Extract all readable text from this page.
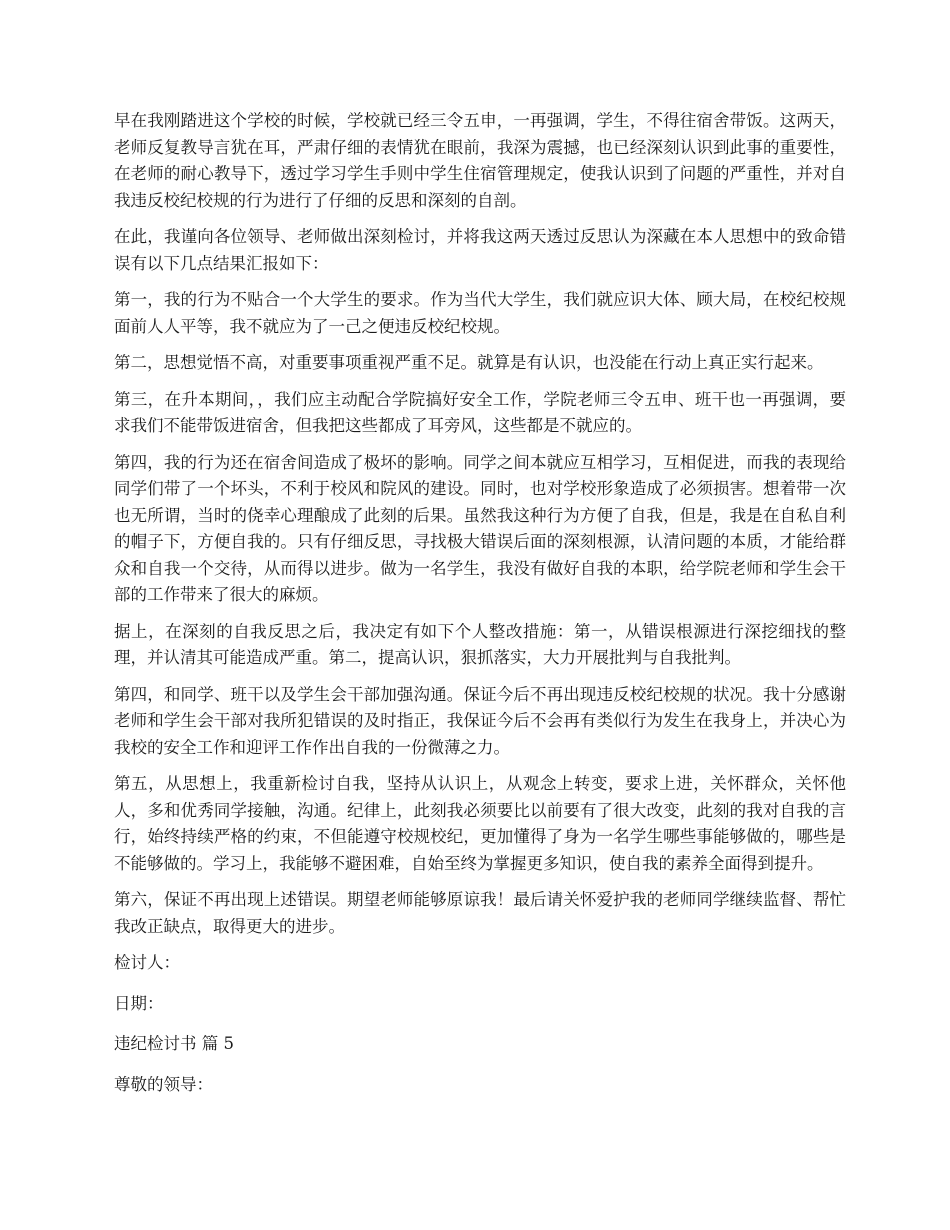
早在我刚踏进这个学校的时候，学校就已经三令五申，一再强调，学生，不得往宿舍带饭。这两天，老师反复教导言犹在耳，严肃仔细的表情犹在眼前，我深为震撼，也已经深刻认识到此事的重要性，在老师的耐心教导下，透过学习学生手则中学生住宿管理规定，使我认识到了问题的严重性，并对自我违反校纪校规的行为进行了仔细的反思和深刻的自剖。

在此，我谨向各位领导、老师做出深刻检讨，并将我这两天透过反思认为深藏在本人思想中的致命错误有以下几点结果汇报如下：

第一，我的行为不贴合一个大学生的要求。作为当代大学生，我们就应识大体、顾大局，在校纪校规面前人人平等，我不就应为了一己之便违反校纪校规。

第二，思想觉悟不高，对重要事项重视严重不足。就算是有认识，也没能在行动上真正实行起来。

第三，在升本期间，，我们应主动配合学院搞好安全工作，学院老师三令五申、班干也一再强调，要求我们不能带饭进宿舍，但我把这些都成了耳旁风，这些都是不就应的。

第四，我的行为还在宿舍间造成了极坏的影响。同学之间本就应互相学习，互相促进，而我的表现给同学们带了一个坏头，不利于校风和院风的建设。同时，也对学校形象造成了必须损害。想着带一次也无所谓，当时的侥幸心理酿成了此刻的后果。虽然我这种行为方便了自我，但是，我是在自私自利的帽子下，方便自我的。只有仔细反思，寻找极大错误后面的深刻根源，认清问题的本质，才能给群众和自我一个交待，从而得以进步。做为一名学生，我没有做好自我的本职，给学院老师和学生会干部的工作带来了很大的麻烦。

据上，在深刻的自我反思之后，我决定有如下个人整改措施：第一，从错误根源进行深挖细找的整理，并认清其可能造成严重。第二，提高认识，狠抓落实，大力开展批判与自我批判。

第四，和同学、班干以及学生会干部加强沟通。保证今后不再出现违反校纪校规的状况。我十分感谢老师和学生会干部对我所犯错误的及时指正，我保证今后不会再有类似行为发生在我身上，并决心为我校的安全工作和迎评工作作出自我的一份微薄之力。

第五，从思想上，我重新检讨自我，坚持从认识上，从观念上转变，要求上进，关怀群众，关怀他人，多和优秀同学接触，沟通。纪律上，此刻我必须要比以前要有了很大改变，此刻的我对自我的言行，始终持续严格的约束，不但能遵守校规校纪，更加懂得了身为一名学生哪些事能够做的，哪些是不能够做的。学习上，我能够不避困难，自始至终为掌握更多知识，使自我的素养全面得到提升。

第六，保证不再出现上述错误。期望老师能够原谅我！最后请关怀爱护我的老师同学继续监督、帮忙我改正缺点，取得更大的进步。

检讨人：

日期：

违纪检讨书 篇 5

尊敬的领导：
